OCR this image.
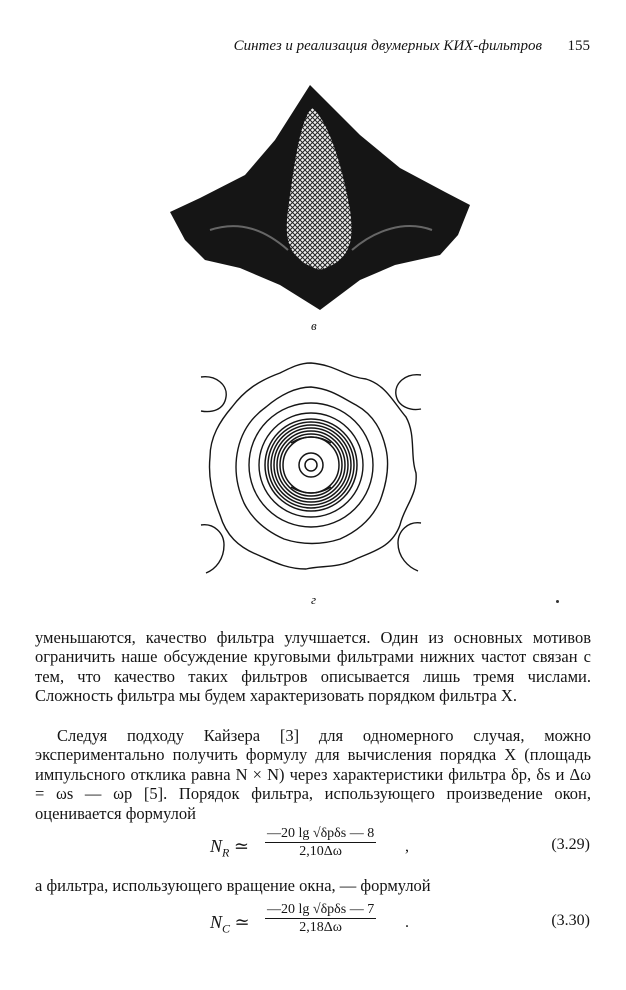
Синтез и реализация двумерных КИХ-фильтров 155
в
г

уменьшаются, качество фильтра улучшается. Один из основных мотивов ограничить наше обсуждение круговыми фильтрами нижних частот связан с тем, что качество таких фильтров описывается лишь тремя числами. Сложность фильтра мы будем характеризовать порядком фильтра X.

Следуя подходу Кайзера [3] для одномерного случая, можно экспериментально получить формулу для вычисления порядка X (площадь импульсного отклика равна N × N) через характеристики фильтра δp, δs и Δω = ωs — ωp [5]. Порядок фильтра, использующего произведение окон, оценивается формулой

$N_R$ ≃
—20 lg √δpδs — 8
2,10Δω	,	(3.29)

а фильтра, использующего вращение окна, — формулой

$N_C$ ≃
—20 lg √δpδs — 7
2,18Δω	.	(3.30)
